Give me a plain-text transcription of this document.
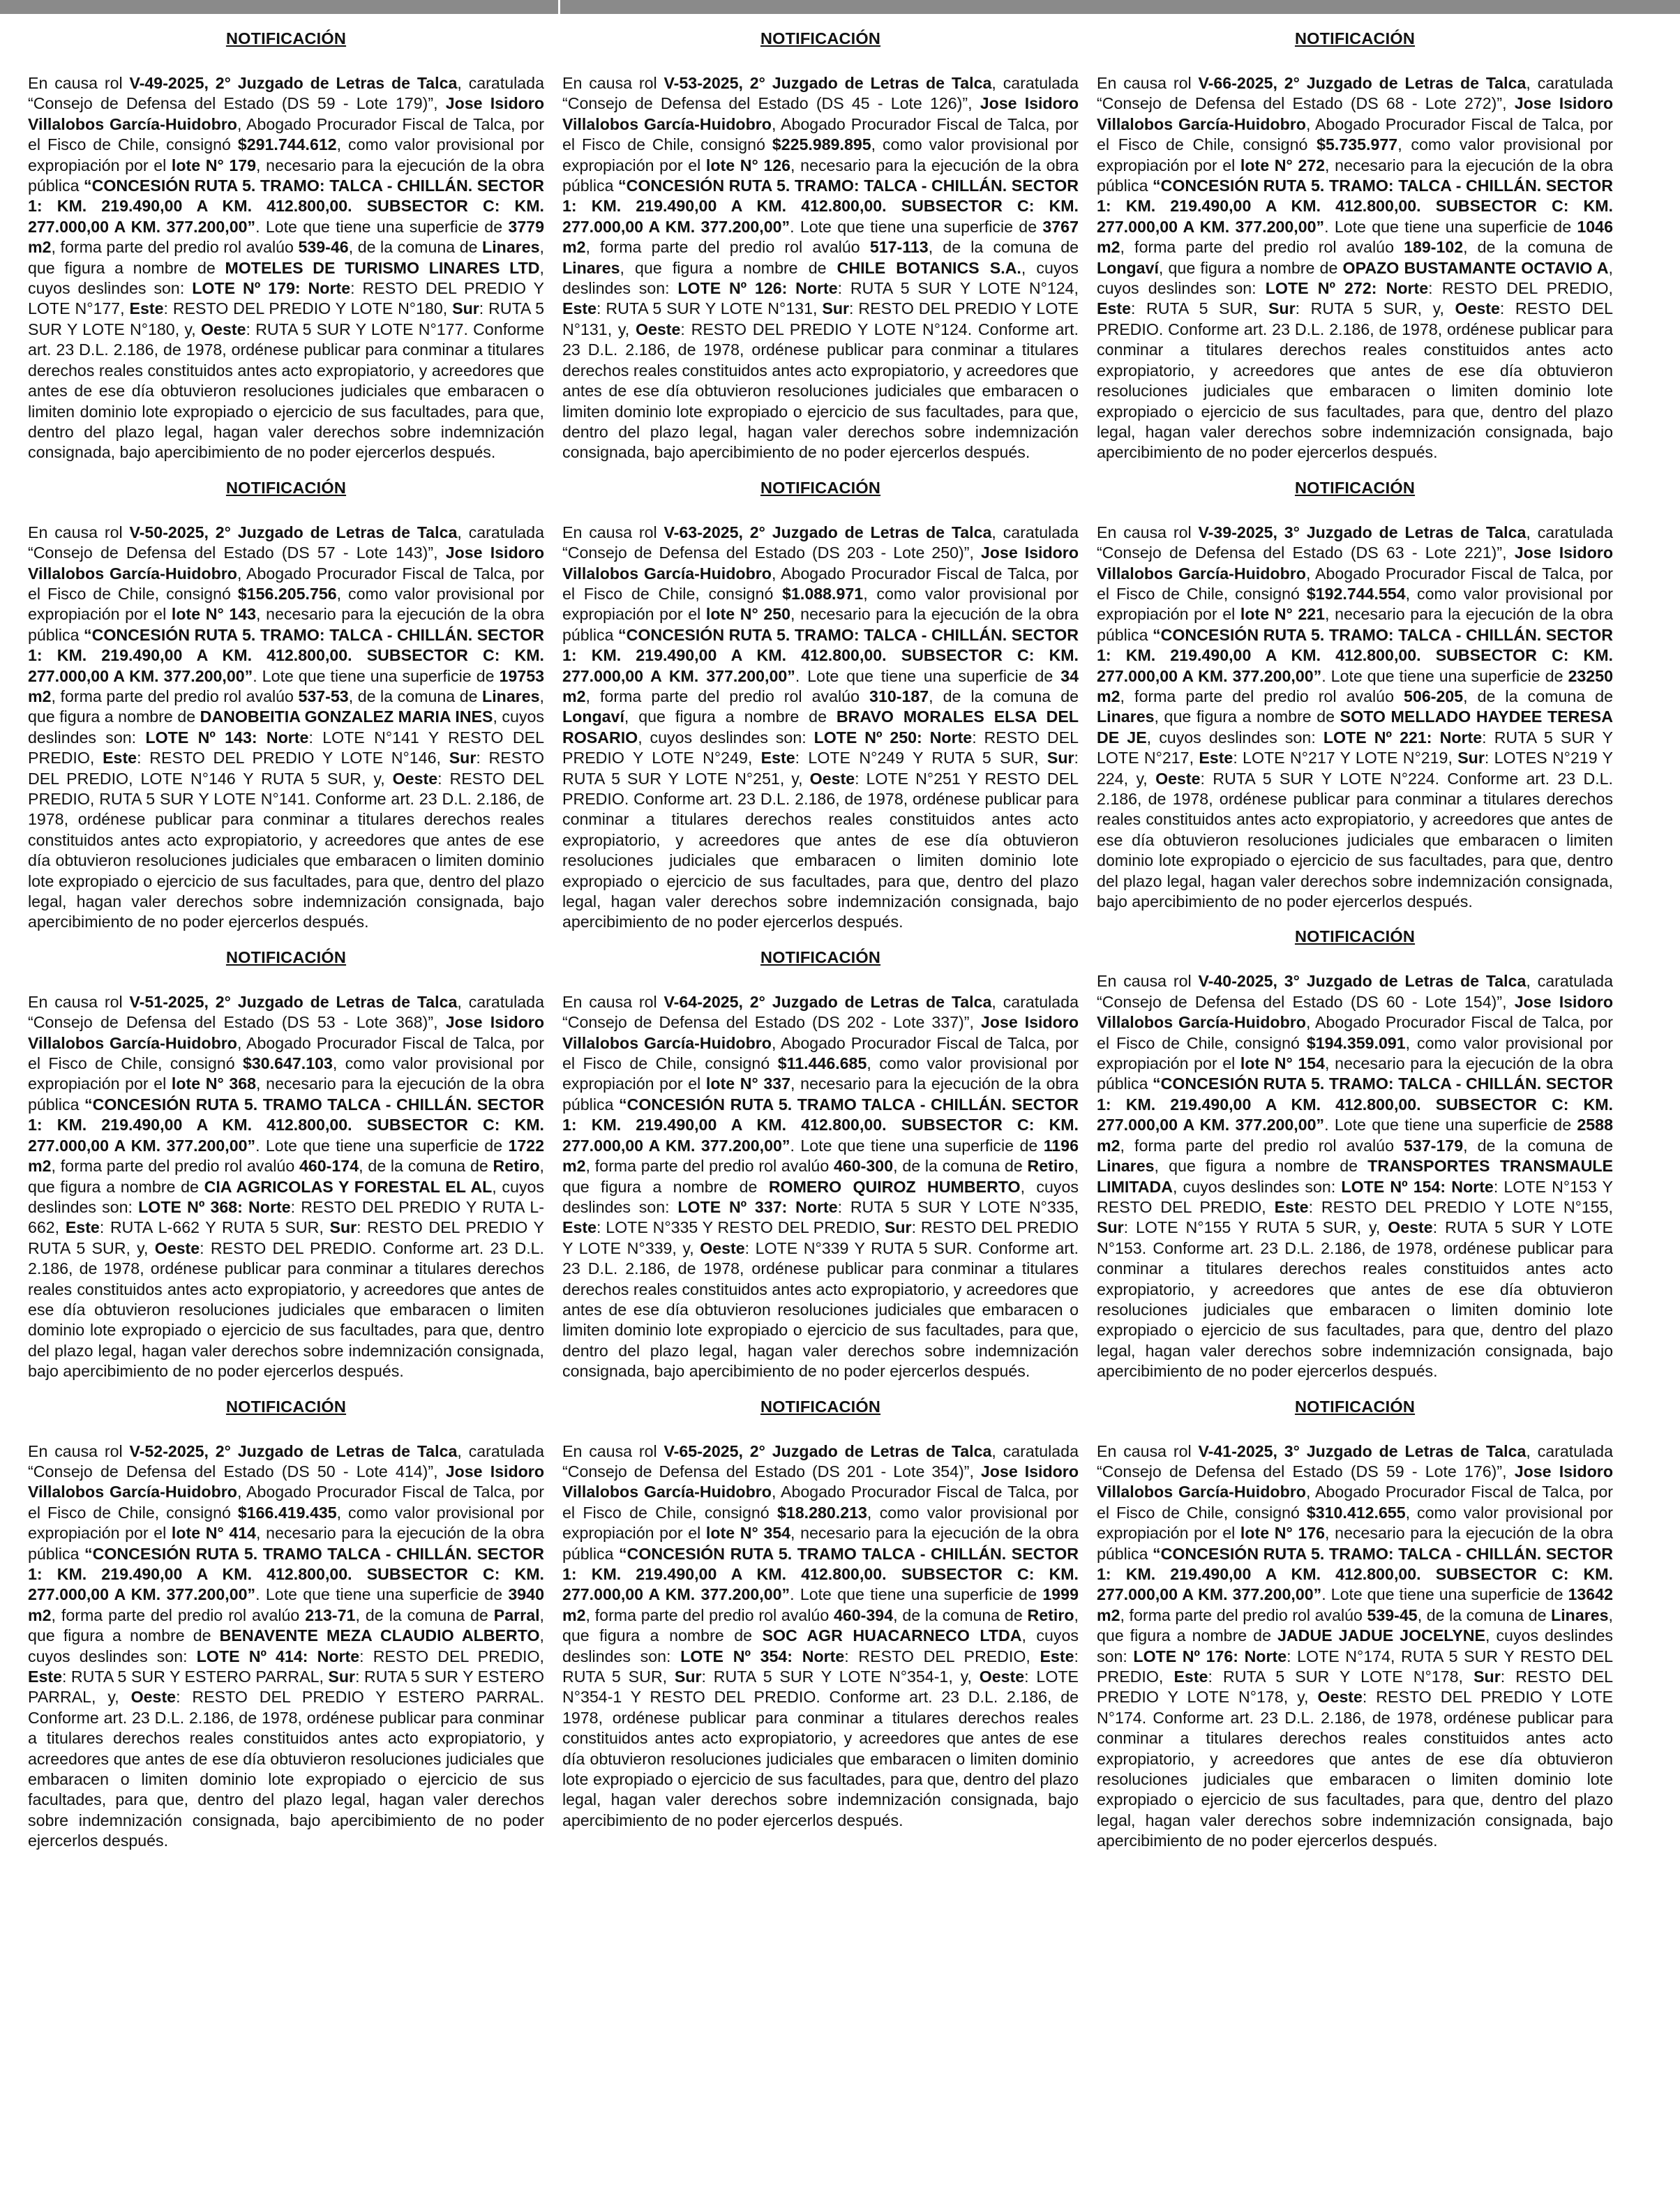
NOTIFICACIÓN

En causa rol V-49-2025, 2° Juzgado de Letras de Talca, caratulada “Consejo de Defensa del Estado (DS 59 - Lote 179)”, Jose Isidoro Villalobos García-Huidobro, Abogado Procurador Fiscal de Talca, por el Fisco de Chile, consignó $291.744.612, como valor provisional por expropiación por el lote N° 179, necesario para la ejecución de la obra pública “CONCESIÓN RUTA 5. TRAMO: TALCA - CHILLÁN. SECTOR 1: KM. 219.490,00 A KM. 412.800,00. SUBSECTOR C: KM. 277.000,00 A KM. 377.200,00”. Lote que tiene una superficie de 3779 m2, forma parte del predio rol avalúo 539-46, de la comuna de Linares, que figura a nombre de MOTELES DE TURISMO LINARES LTD, cuyos deslindes son: LOTE Nº 179: Norte: RESTO DEL PREDIO Y LOTE N°177, Este: RESTO DEL PREDIO Y LOTE N°180, Sur: RUTA 5 SUR Y LOTE N°180, y, Oeste: RUTA 5 SUR Y LOTE N°177. Conforme art. 23 D.L. 2.186, de 1978, ordénese publicar para conminar a titulares derechos reales constituidos antes acto expropiatorio, y acreedores que antes de ese día obtuvieron resoluciones judiciales que embaracen o limiten dominio lote expropiado o ejercicio de sus facultades, para que, dentro del plazo legal, hagan valer derechos sobre indemnización consignada, bajo apercibimiento de no poder ejercerlos después.

NOTIFICACIÓN

En causa rol V-50-2025, 2° Juzgado de Letras de Talca, caratulada “Consejo de Defensa del Estado (DS 57 - Lote 143)”, Jose Isidoro Villalobos García-Huidobro, Abogado Procurador Fiscal de Talca, por el Fisco de Chile, consignó $156.205.756, como valor provisional por expropiación por el lote N° 143, necesario para la ejecución de la obra pública “CONCESIÓN RUTA 5. TRAMO: TALCA - CHILLÁN. SECTOR 1: KM. 219.490,00 A KM. 412.800,00. SUBSECTOR C: KM. 277.000,00 A KM. 377.200,00”. Lote que tiene una superficie de 19753 m2, forma parte del predio rol avalúo 537-53, de la comuna de Linares, que figura a nombre de DANOBEITIA GONZALEZ MARIA INES, cuyos deslindes son: LOTE Nº 143: Norte: LOTE N°141 Y RESTO DEL PREDIO, Este: RESTO DEL PREDIO Y LOTE N°146, Sur: RESTO DEL PREDIO, LOTE N°146 Y RUTA 5 SUR, y, Oeste: RESTO DEL PREDIO, RUTA 5 SUR Y LOTE N°141. Conforme art. 23 D.L. 2.186, de 1978, ordénese publicar para conminar a titulares derechos reales constituidos antes acto expropiatorio, y acreedores que antes de ese día obtuvieron resoluciones judiciales que embaracen o limiten dominio lote expropiado o ejercicio de sus facultades, para que, dentro del plazo legal, hagan valer derechos sobre indemnización consignada, bajo apercibimiento de no poder ejercerlos después.

NOTIFICACIÓN

En causa rol V-51-2025, 2° Juzgado de Letras de Talca, caratulada “Consejo de Defensa del Estado (DS 53 - Lote 368)”, Jose Isidoro Villalobos García-Huidobro, Abogado Procurador Fiscal de Talca, por el Fisco de Chile, consignó $30.647.103, como valor provisional por expropiación por el lote N° 368, necesario para la ejecución de la obra pública “CONCESIÓN RUTA 5. TRAMO TALCA - CHILLÁN. SECTOR 1: KM. 219.490,00 A KM. 412.800,00. SUBSECTOR C: KM. 277.000,00 A KM. 377.200,00”. Lote que tiene una superficie de 1722 m2, forma parte del predio rol avalúo 460-174, de la comuna de Retiro, que figura a nombre de CIA AGRICOLAS Y FORESTAL EL AL, cuyos deslindes son: LOTE Nº 368: Norte: RESTO DEL PREDIO Y RUTA L-662, Este: RUTA L-662 Y RUTA 5 SUR, Sur: RESTO DEL PREDIO Y RUTA 5 SUR, y, Oeste: RESTO DEL PREDIO. Conforme art. 23 D.L. 2.186, de 1978, ordénese publicar para conminar a titulares derechos reales constituidos antes acto expropiatorio, y acreedores que antes de ese día obtuvieron resoluciones judiciales que embaracen o limiten dominio lote expropiado o ejercicio de sus facultades, para que, dentro del plazo legal, hagan valer derechos sobre indemnización consignada, bajo apercibimiento de no poder ejercerlos después.

NOTIFICACIÓN

En causa rol V-52-2025, 2° Juzgado de Letras de Talca, caratulada “Consejo de Defensa del Estado (DS 50 - Lote 414)”, Jose Isidoro Villalobos García-Huidobro, Abogado Procurador Fiscal de Talca, por el Fisco de Chile, consignó $166.419.435, como valor provisional por expropiación por el lote N° 414, necesario para la ejecución de la obra pública “CONCESIÓN RUTA 5. TRAMO TALCA - CHILLÁN. SECTOR 1: KM. 219.490,00 A KM. 412.800,00. SUBSECTOR C: KM. 277.000,00 A KM. 377.200,00”. Lote que tiene una superficie de 3940 m2, forma parte del predio rol avalúo 213-71, de la comuna de Parral, que figura a nombre de BENAVENTE MEZA CLAUDIO ALBERTO, cuyos deslindes son: LOTE Nº 414: Norte: RESTO DEL PREDIO, Este: RUTA 5 SUR Y ESTERO PARRAL, Sur: RUTA 5 SUR Y ESTERO PARRAL, y, Oeste: RESTO DEL PREDIO Y ESTERO PARRAL. Conforme art. 23 D.L. 2.186, de 1978, ordénese publicar para conminar a titulares derechos reales constituidos antes acto expropiatorio, y acreedores que antes de ese día obtuvieron resoluciones judiciales que embaracen o limiten dominio lote expropiado o ejercicio de sus facultades, para que, dentro del plazo legal, hagan valer derechos sobre indemnización consignada, bajo apercibimiento de no poder ejercerlos después.

NOTIFICACIÓN

En causa rol V-53-2025, 2° Juzgado de Letras de Talca, caratulada “Consejo de Defensa del Estado (DS 45 - Lote 126)”, Jose Isidoro Villalobos García-Huidobro, Abogado Procurador Fiscal de Talca, por el Fisco de Chile, consignó $225.989.895, como valor provisional por expropiación por el lote N° 126, necesario para la ejecución de la obra pública “CONCESIÓN RUTA 5. TRAMO: TALCA - CHILLÁN. SECTOR 1: KM. 219.490,00 A KM. 412.800,00. SUBSECTOR C: KM. 277.000,00 A KM. 377.200,00”. Lote que tiene una superficie de 3767 m2, forma parte del predio rol avalúo 517-113, de la comuna de Linares, que figura a nombre de CHILE BOTANICS S.A., cuyos deslindes son: LOTE Nº 126: Norte: RUTA 5 SUR Y LOTE N°124, Este: RUTA 5 SUR Y LOTE N°131, Sur: RESTO DEL PREDIO Y LOTE N°131, y, Oeste: RESTO DEL PREDIO Y LOTE N°124. Conforme art. 23 D.L. 2.186, de 1978, ordénese publicar para conminar a titulares derechos reales constituidos antes acto expropiatorio, y acreedores que antes de ese día obtuvieron resoluciones judiciales que embaracen o limiten dominio lote expropiado o ejercicio de sus facultades, para que, dentro del plazo legal, hagan valer derechos sobre indemnización consignada, bajo apercibimiento de no poder ejercerlos después.

NOTIFICACIÓN

En causa rol V-63-2025, 2° Juzgado de Letras de Talca, caratulada “Consejo de Defensa del Estado (DS 203 - Lote 250)”, Jose Isidoro Villalobos García-Huidobro, Abogado Procurador Fiscal de Talca, por el Fisco de Chile, consignó $1.088.971, como valor provisional por expropiación por el lote N° 250, necesario para la ejecución de la obra pública “CONCESIÓN RUTA 5. TRAMO: TALCA - CHILLÁN. SECTOR 1: KM. 219.490,00 A KM. 412.800,00. SUBSECTOR C: KM. 277.000,00 A KM. 377.200,00”. Lote que tiene una superficie de 34 m2, forma parte del predio rol avalúo 310-187, de la comuna de Longaví, que figura a nombre de BRAVO MORALES ELSA DEL ROSARIO, cuyos deslindes son: LOTE Nº 250: Norte: RESTO DEL PREDIO Y LOTE N°249, Este: LOTE N°249 Y RUTA 5 SUR, Sur: RUTA 5 SUR Y LOTE N°251, y, Oeste: LOTE N°251 Y RESTO DEL PREDIO. Conforme art. 23 D.L. 2.186, de 1978, ordénese publicar para conminar a titulares derechos reales constituidos antes acto expropiatorio, y acreedores que antes de ese día obtuvieron resoluciones judiciales que embaracen o limiten dominio lote expropiado o ejercicio de sus facultades, para que, dentro del plazo legal, hagan valer derechos sobre indemnización consignada, bajo apercibimiento de no poder ejercerlos después.

NOTIFICACIÓN

En causa rol V-64-2025, 2° Juzgado de Letras de Talca, caratulada “Consejo de Defensa del Estado (DS 202 - Lote 337)”, Jose Isidoro Villalobos García-Huidobro, Abogado Procurador Fiscal de Talca, por el Fisco de Chile, consignó $11.446.685, como valor provisional por expropiación por el lote N° 337, necesario para la ejecución de la obra pública “CONCESIÓN RUTA 5. TRAMO TALCA - CHILLÁN. SECTOR 1: KM. 219.490,00 A KM. 412.800,00. SUBSECTOR C: KM. 277.000,00 A KM. 377.200,00”. Lote que tiene una superficie de 1196 m2, forma parte del predio rol avalúo 460-300, de la comuna de Retiro, que figura a nombre de ROMERO QUIROZ HUMBERTO, cuyos deslindes son: LOTE Nº 337: Norte: RUTA 5 SUR Y LOTE N°335, Este: LOTE N°335 Y RESTO DEL PREDIO, Sur: RESTO DEL PREDIO Y LOTE N°339, y, Oeste: LOTE N°339 Y RUTA 5 SUR. Conforme art. 23 D.L. 2.186, de 1978, ordénese publicar para conminar a titulares derechos reales constituidos antes acto expropiatorio, y acreedores que antes de ese día obtuvieron resoluciones judiciales que embaracen o limiten dominio lote expropiado o ejercicio de sus facultades, para que, dentro del plazo legal, hagan valer derechos sobre indemnización consignada, bajo apercibimiento de no poder ejercerlos después.

NOTIFICACIÓN

En causa rol V-65-2025, 2° Juzgado de Letras de Talca, caratulada “Consejo de Defensa del Estado (DS 201 - Lote 354)”, Jose Isidoro Villalobos García-Huidobro, Abogado Procurador Fiscal de Talca, por el Fisco de Chile, consignó $18.280.213, como valor provisional por expropiación por el lote N° 354, necesario para la ejecución de la obra pública “CONCESIÓN RUTA 5. TRAMO TALCA - CHILLÁN. SECTOR 1: KM. 219.490,00 A KM. 412.800,00. SUBSECTOR C: KM. 277.000,00 A KM. 377.200,00”. Lote que tiene una superficie de 1999 m2, forma parte del predio rol avalúo 460-394, de la comuna de Retiro, que figura a nombre de SOC AGR HUACARNECO LTDA, cuyos deslindes son: LOTE Nº 354: Norte: RESTO DEL PREDIO, Este: RUTA 5 SUR, Sur: RUTA 5 SUR Y LOTE N°354-1, y, Oeste: LOTE N°354-1 Y RESTO DEL PREDIO. Conforme art. 23 D.L. 2.186, de 1978, ordénese publicar para conminar a titulares derechos reales constituidos antes acto expropiatorio, y acreedores que antes de ese día obtuvieron resoluciones judiciales que embaracen o limiten dominio lote expropiado o ejercicio de sus facultades, para que, dentro del plazo legal, hagan valer derechos sobre indemnización consignada, bajo apercibimiento de no poder ejercerlos después.

NOTIFICACIÓN

En causa rol V-66-2025, 2° Juzgado de Letras de Talca, caratulada “Consejo de Defensa del Estado (DS 68 - Lote 272)”, Jose Isidoro Villalobos García-Huidobro, Abogado Procurador Fiscal de Talca, por el Fisco de Chile, consignó $5.735.977, como valor provisional por expropiación por el lote N° 272, necesario para la ejecución de la obra pública “CONCESIÓN RUTA 5. TRAMO: TALCA - CHILLÁN. SECTOR 1: KM. 219.490,00 A KM. 412.800,00. SUBSECTOR C: KM. 277.000,00 A KM. 377.200,00”. Lote que tiene una superficie de 1046 m2, forma parte del predio rol avalúo 189-102, de la comuna de Longaví, que figura a nombre de OPAZO BUSTAMANTE OCTAVIO A, cuyos deslindes son: LOTE Nº 272: Norte: RESTO DEL PREDIO, Este: RUTA 5 SUR, Sur: RUTA 5 SUR, y, Oeste: RESTO DEL PREDIO. Conforme art. 23 D.L. 2.186, de 1978, ordénese publicar para conminar a titulares derechos reales constituidos antes acto expropiatorio, y acreedores que antes de ese día obtuvieron resoluciones judiciales que embaracen o limiten dominio lote expropiado o ejercicio de sus facultades, para que, dentro del plazo legal, hagan valer derechos sobre indemnización consignada, bajo apercibimiento de no poder ejercerlos después.

NOTIFICACIÓN

En causa rol V-39-2025, 3° Juzgado de Letras de Talca, caratulada “Consejo de Defensa del Estado (DS 63 - Lote 221)”, Jose Isidoro Villalobos García-Huidobro, Abogado Procurador Fiscal de Talca, por el Fisco de Chile, consignó $192.744.554, como valor provisional por expropiación por el lote N° 221, necesario para la ejecución de la obra pública “CONCESIÓN RUTA 5. TRAMO: TALCA - CHILLÁN. SECTOR 1: KM. 219.490,00 A KM. 412.800,00. SUBSECTOR C: KM. 277.000,00 A KM. 377.200,00”. Lote que tiene una superficie de 23250 m2, forma parte del predio rol avalúo 506-205, de la comuna de Linares, que figura a nombre de SOTO MELLADO HAYDEE TERESA DE JE, cuyos deslindes son: LOTE Nº 221: Norte: RUTA 5 SUR Y LOTE N°217, Este: LOTE N°217 Y LOTE N°219, Sur: LOTES N°219 Y 224, y, Oeste: RUTA 5 SUR Y LOTE N°224. Conforme art. 23 D.L. 2.186, de 1978, ordénese publicar para conminar a titulares derechos reales constituidos antes acto expropiatorio, y acreedores que antes de ese día obtuvieron resoluciones judiciales que embaracen o limiten dominio lote expropiado o ejercicio de sus facultades, para que, dentro del plazo legal, hagan valer derechos sobre indemnización consignada, bajo apercibimiento de no poder ejercerlos después.

NOTIFICACIÓN

En causa rol V-40-2025, 3° Juzgado de Letras de Talca, caratulada “Consejo de Defensa del Estado (DS 60 - Lote 154)”, Jose Isidoro Villalobos García-Huidobro, Abogado Procurador Fiscal de Talca, por el Fisco de Chile, consignó $194.359.091, como valor provisional por expropiación por el lote N° 154, necesario para la ejecución de la obra pública “CONCESIÓN RUTA 5. TRAMO: TALCA - CHILLÁN. SECTOR 1: KM. 219.490,00 A KM. 412.800,00. SUBSECTOR C: KM. 277.000,00 A KM. 377.200,00”. Lote que tiene una superficie de 2588 m2, forma parte del predio rol avalúo 537-179, de la comuna de Linares, que figura a nombre de TRANSPORTES TRANSMAULE LIMITADA, cuyos deslindes son: LOTE Nº 154: Norte: LOTE N°153 Y RESTO DEL PREDIO, Este: RESTO DEL PREDIO Y LOTE N°155, Sur: LOTE N°155 Y RUTA 5 SUR, y, Oeste: RUTA 5 SUR Y LOTE N°153. Conforme art. 23 D.L. 2.186, de 1978, ordénese publicar para conminar a titulares derechos reales constituidos antes acto expropiatorio, y acreedores que antes de ese día obtuvieron resoluciones judiciales que embaracen o limiten dominio lote expropiado o ejercicio de sus facultades, para que, dentro del plazo legal, hagan valer derechos sobre indemnización consignada, bajo apercibimiento de no poder ejercerlos después.

NOTIFICACIÓN

En causa rol V-41-2025, 3° Juzgado de Letras de Talca, caratulada “Consejo de Defensa del Estado (DS 59 - Lote 176)”, Jose Isidoro Villalobos García-Huidobro, Abogado Procurador Fiscal de Talca, por el Fisco de Chile, consignó $310.412.655, como valor provisional por expropiación por el lote N° 176, necesario para la ejecución de la obra pública “CONCESIÓN RUTA 5. TRAMO: TALCA - CHILLÁN. SECTOR 1: KM. 219.490,00 A KM. 412.800,00. SUBSECTOR C: KM. 277.000,00 A KM. 377.200,00”. Lote que tiene una superficie de 13642 m2, forma parte del predio rol avalúo 539-45, de la comuna de Linares, que figura a nombre de JADUE JADUE JOCELYNE, cuyos deslindes son: LOTE Nº 176: Norte: LOTE N°174, RUTA 5 SUR Y RESTO DEL PREDIO, Este: RUTA 5 SUR Y LOTE N°178, Sur: RESTO DEL PREDIO Y LOTE N°178, y, Oeste: RESTO DEL PREDIO Y LOTE N°174. Conforme art. 23 D.L. 2.186, de 1978, ordénese publicar para conminar a titulares derechos reales constituidos antes acto expropiatorio, y acreedores que antes de ese día obtuvieron resoluciones judiciales que embaracen o limiten dominio lote expropiado o ejercicio de sus facultades, para que, dentro del plazo legal, hagan valer derechos sobre indemnización consignada, bajo apercibimiento de no poder ejercerlos después.
